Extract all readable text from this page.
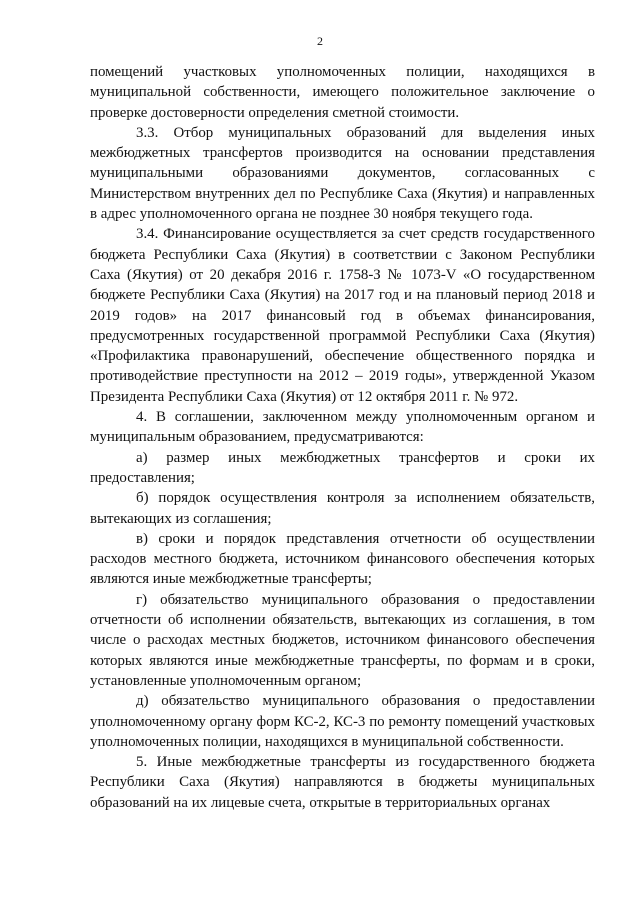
2

помещений участковых уполномоченных полиции, находящихся в муниципальной собственности, имеющего положительное заключение о проверке достоверности определения сметной стоимости.

3.3. Отбор муниципальных образований для выделения иных межбюджетных трансфертов производится на основании представления муниципальными образованиями документов, согласованных с Министерством внутренних дел по Республике Саха (Якутия) и направленных в адрес уполномоченного органа не позднее 30 ноября текущего года.

3.4. Финансирование осуществляется за счет средств государственного бюджета Республики Саха (Якутия) в соответствии с Законом Республики Саха (Якутия) от 20 декабря 2016 г. 1758-З № 1073-V «О государственном бюджете Республики Саха (Якутия) на 2017 год и на плановый период 2018 и 2019 годов» на 2017 финансовый год в объемах финансирования, предусмотренных государственной программой Республики Саха (Якутия) «Профилактика правонарушений, обеспечение общественного порядка и противодействие преступности на 2012 – 2019 годы», утвержденной Указом Президента Республики Саха (Якутия) от 12 октября 2011 г. № 972.

4. В соглашении, заключенном между уполномоченным органом и муниципальным образованием, предусматриваются:

а) размер иных межбюджетных трансфертов и сроки их предоставления;

б) порядок осуществления контроля за исполнением обязательств, вытекающих из соглашения;

в) сроки и порядок представления отчетности об осуществлении расходов местного бюджета, источником финансового обеспечения которых являются иные межбюджетные трансферты;

г) обязательство муниципального образования о предоставлении отчетности об исполнении обязательств, вытекающих из соглашения, в том числе о расходах местных бюджетов, источником финансового обеспечения которых являются иные межбюджетные трансферты, по формам и в сроки, установленные уполномоченным органом;

д) обязательство муниципального образования о предоставлении уполномоченному органу форм КС-2, КС-3 по ремонту помещений участковых уполномоченных полиции, находящихся в муниципальной собственности.

5. Иные межбюджетные трансферты из государственного бюджета Республики Саха (Якутия) направляются в бюджеты муниципальных образований на их лицевые счета, открытые в территориальных органах
